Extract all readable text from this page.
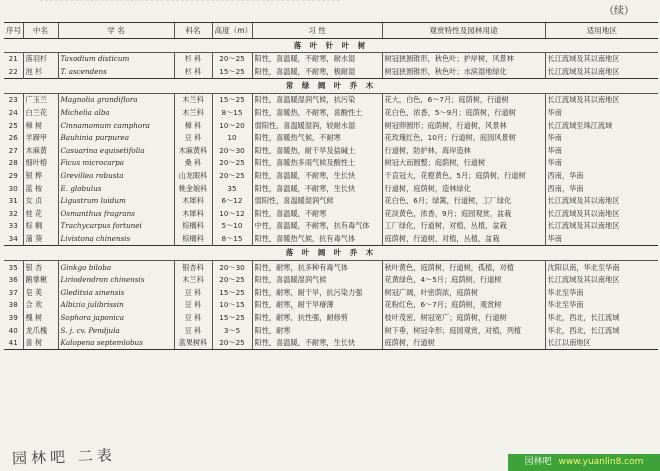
（续）
序号	中名	学 名	科名	高度（m）	习 性	观赏特性及园林用途	适用地区
落 叶 针 叶 树							
21	落羽杉	Taxodium disticum	杉 科	20～25	阳性，喜温暖，不耐寒，耐水湿	树冠狭圆锥形，秋色叶；护岸树，风景林	长江流域及其以南地区
22	池 杉	T. ascendens	杉 科	15～25	阳性，喜温暖，不耐寒，极耐湿	树冠狭圆锥形，秋色叶；水滨湿地绿化	长江流域及其以南地区
常 绿 阔 叶 乔 木							
23	广玉兰	Magnolia grandiflora	木兰科	15～25	阳性，喜温暖湿润气候，抗污染	花大，白色，6～7月；庭荫树，行道树	长江流域及其以南地区
24	白兰花	Michelia alba	木兰科	8～15	阳性，喜暖热，不耐寒，喜酸性土	花白色，浓香，5～9月；庭荫树，行道树	华南
25	樟 树	Cinnamomum camphora	樟 科	10～20	弱阳性，喜温暖湿润，较耐水湿	树冠卵圆形；庭荫树，行道树，风景林	长江流域至珠江流域
26	羊蹄甲	Bauhinia purpurea	豆 科	10	阳性，喜暖热气候，不耐寒	花玫瑰红色，10月；行道树，庭园风景树	华南
27	木麻黄	Casuarina equisetifolia	木麻黄科	20～30	阳性，喜暖热，耐干旱及盐碱土	行道树，防护林，海岸造林	华南
28	细叶榕	Ficus microcarpa	桑 科	20～25	阳性，喜暖热多雨气候及酸性土	树冠大而圆整；庭荫树，行道树	华南
29	银 桦	Grevillea robusta	山龙眼科	20～25	阳性，喜温暖，不耐寒，生长快	干直冠大，花橙黄色，5月；庭荫树，行道树	西南，华南
30	蓝 桉	E. globulus	桃金娘科	35	阳性，喜温暖，不耐寒，生长快	行道树，庭荫树，造林绿化	西南，华南
31	女 贞	Ligustrum luidum	木犀科	6～12	弱阳性，喜温暖湿润气候	花白色，6月；绿篱，行道树，工厂绿化	长江流域及其以南地区
32	桂 花	Osmanthus fragrans	木犀科	10～12	阳性，喜温暖，不耐寒	花淡黄色，浓香，9月；庭园观赏，盆栽	长江流域及其以南地区
33	棕 榈	Trachycarpus fortunei	棕榈科	5～10	中性，喜温暖，不耐寒，抗有毒气体	工厂绿化，行道树，对植，丛植，盆栽	长江流域及其以南地区
34	蒲 葵	Livistona chinensis	棕榈科	8～15	阳性，喜暖热气候，抗有毒气体	庭荫树，行道树，对植，丛植，盆栽	华南
落 叶 阔 叶 乔 木							
35	银 杏	Ginkgo biloba	银杏科	20～30	阳性，耐寒，抗多种有毒气体	秋叶黄色，庭荫树，行道树，孤植，对植	沈阳以南，华北至华南
36	鹅掌楸	Liriodendron chinensis	木兰科	20～25	阳性，喜温暖湿润气候	花黄绿色，4～5月；庭荫树，行道树	长江流域及其以南地区
37	皂 荚	Gleditsia sinensis	豆 科	15～25	阳性，耐寒，耐干旱，抗污染力强	树冠广阔，叶密荫浓，庭荫树	华北至华南
38	合 欢	Albizia julibrissin	豆 科	10～15	阳性，耐寒，耐干旱瘠薄	花粉红色，6～7月；庭荫树，观赏树	华北至华南
39	槐 树	Sophora japonica	豆 科	15～25	阳性，耐寒，抗性强，耐修剪	枝叶茂密，树冠宽广；庭荫树，行道树	华北，西北，长江流域
40	龙爪槐	S. j. cv. Pendjula	豆 科	3～5	阳性，耐寒	树下垂，树冠伞形；庭园观赏，对植，列植	华北，西北，长江流域
41	喜 树	Kalopena septemlobus	蓝果树科	20～25	阳性，喜温暖，不耐寒，生长快	庭荫树，行道树	长江以南地区
园林吧 二表	园林吧 www.yuanlin8.com
